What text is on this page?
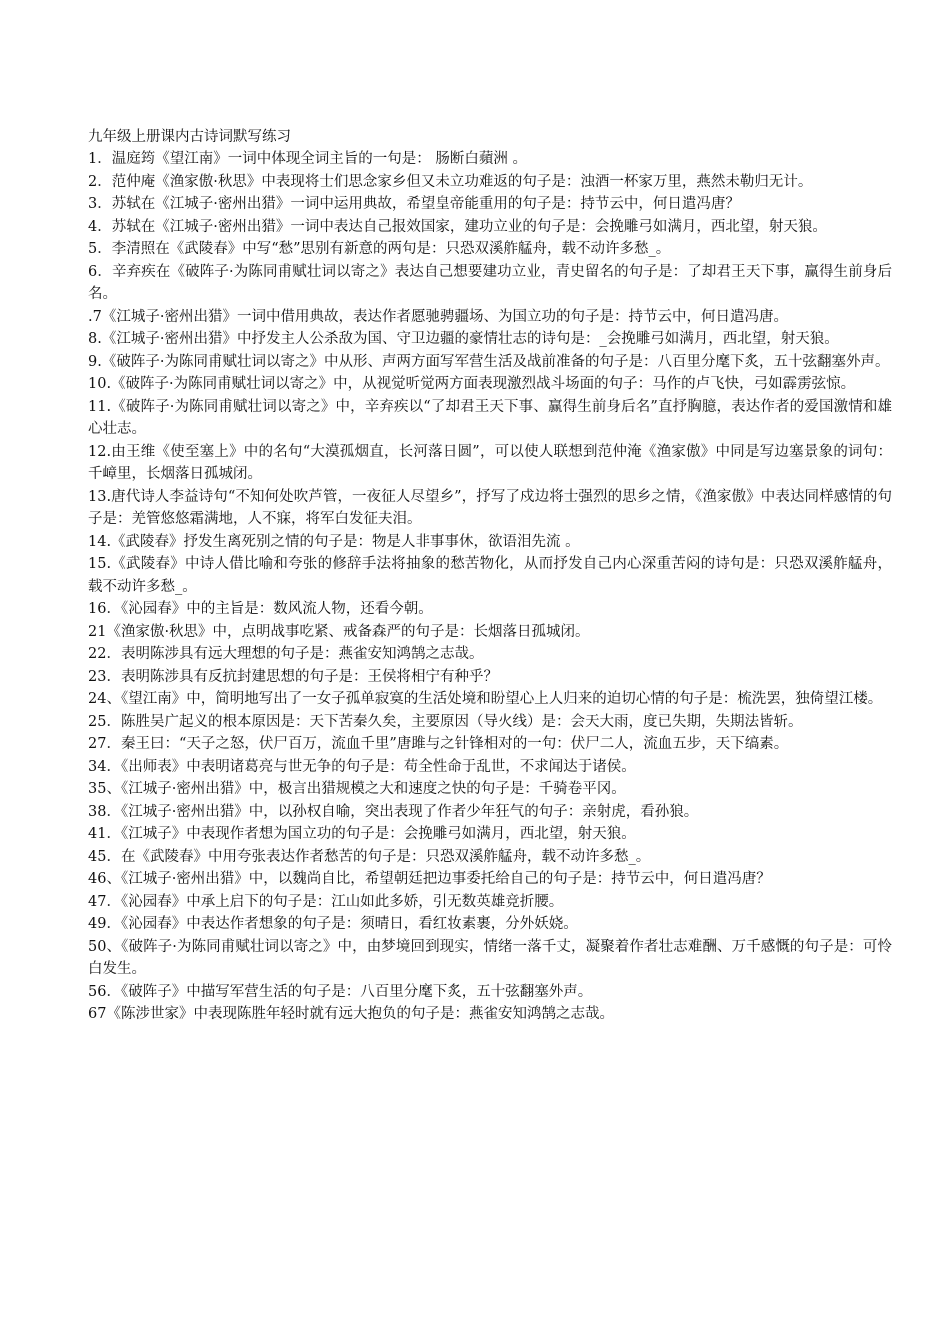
九年级上册课内古诗词默写练习

1．温庭筠《望江南》一词中体现全词主旨的一句是： 肠断白蘋洲 。

2．范仲庵《渔家傲·秋思》中表现将士们思念家乡但又未立功难返的句子是：浊酒一杯家万里，燕然未勒归无计。

3．苏轼在《江城子·密州出猎》一词中运用典故，希望皇帝能重用的句子是：持节云中，何日遣冯唐？

4．苏轼在《江城子·密州出猎》一词中表达自己报效国家，建功立业的句子是：会挽雕弓如满月，西北望，射天狼。

5．李清照在《武陵春》中写“愁”思别有新意的两句是：只恐双溪舴艋舟，载不动许多愁_。

6．辛弃疾在《破阵子·为陈同甫赋壮词以寄之》表达自己想要建功立业，青史留名的句子是：了却君王天下事，赢得生前身后名。

.7《江城子·密州出猎》一词中借用典故，表达作者愿驰骋疆场、为国立功的句子是：持节云中，何日遣冯唐。

8.《江城子·密州出猎》中抒发主人公杀敌为国、守卫边疆的豪情壮志的诗句是：_会挽雕弓如满月，西北望，射天狼。

9.《破阵子·为陈同甫赋壮词以寄之》中从形、声两方面写军营生活及战前准备的句子是：八百里分麾下炙，五十弦翻塞外声。

10.《破阵子·为陈同甫赋壮词以寄之》中，从视觉听觉两方面表现激烈战斗场面的句子：马作的卢飞快，弓如霹雳弦惊。

11.《破阵子·为陈同甫赋壮词以寄之》中，辛弃疾以“了却君王天下事、赢得生前身后名”直抒胸臆，表达作者的爱国激情和雄心壮志。

12.由王维《使至塞上》中的名句“大漠孤烟直，长河落日圆”，可以使人联想到范仲淹《渔家傲》中同是写边塞景象的词句：千嶂里，长烟落日孤城闭。

13.唐代诗人李益诗句“不知何处吹芦管，一夜征人尽望乡”，抒写了戍边将士强烈的思乡之情，《渔家傲》中表达同样感情的句子是：羌管悠悠霜满地，人不寐，将军白发征夫泪。

14.《武陵春》抒发生离死别之情的句子是：物是人非事事休，欲语泪先流 。

15.《武陵春》中诗人借比喻和夸张的修辞手法将抽象的愁苦物化，从而抒发自己内心深重苦闷的诗句是：只恐双溪舴艋舟，载不动许多愁_。

16．《沁园春》中的主旨是：数风流人物，还看今朝。

21《渔家傲·秋思》中，点明战事吃紧、戒备森严的句子是：长烟落日孤城闭。

22．表明陈涉具有远大理想的句子是：燕雀安知鸿鹄之志哉。

23．表明陈涉具有反抗封建思想的句子是：王侯将相宁有种乎？

24、《望江南》中，简明地写出了一女子孤单寂寞的生活处境和盼望心上人归来的迫切心情的句子是：梳洗罢，独倚望江楼。

25．陈胜吴广起义的根本原因是：天下苦秦久矣，主要原因（导火线）是：会天大雨，度已失期，失期法皆斩。

27．秦王曰：“天子之怒，伏尸百万，流血千里”唐雎与之针锋相对的一句：伏尸二人，流血五步，天下缟素。

34．《出师表》中表明诸葛亮与世无争的句子是：苟全性命于乱世，不求闻达于诸侯。

35、《江城子·密州出猎》中，极言出猎规模之大和速度之快的句子是：千骑卷平冈。

38．《江城子·密州出猎》中，以孙权自喻，突出表现了作者少年狂气的句子：亲射虎，看孙狼。

41．《江城子》中表现作者想为国立功的句子是：会挽雕弓如满月，西北望，射天狼。

45．在《武陵春》中用夸张表达作者愁苦的句子是：只恐双溪舴艋舟，载不动许多愁_。

46、《江城子·密州出猎》中，以魏尚自比，希望朝廷把边事委托给自己的句子是：持节云中，何日遣冯唐？

47．《沁园春》中承上启下的句子是：江山如此多娇，引无数英雄竞折腰。

49．《沁园春》中表达作者想象的句子是：须晴日，看红妆素裹，分外妖娆。

50、《破阵子·为陈同甫赋壮词以寄之》中，由梦境回到现实，情绪一落千丈，凝聚着作者壮志难酬、万千感慨的句子是：可怜白发生。

56．《破阵子》中描写军营生活的句子是：八百里分麾下炙，五十弦翻塞外声。

67《陈涉世家》中表现陈胜年轻时就有远大抱负的句子是：燕雀安知鸿鹄之志哉。
